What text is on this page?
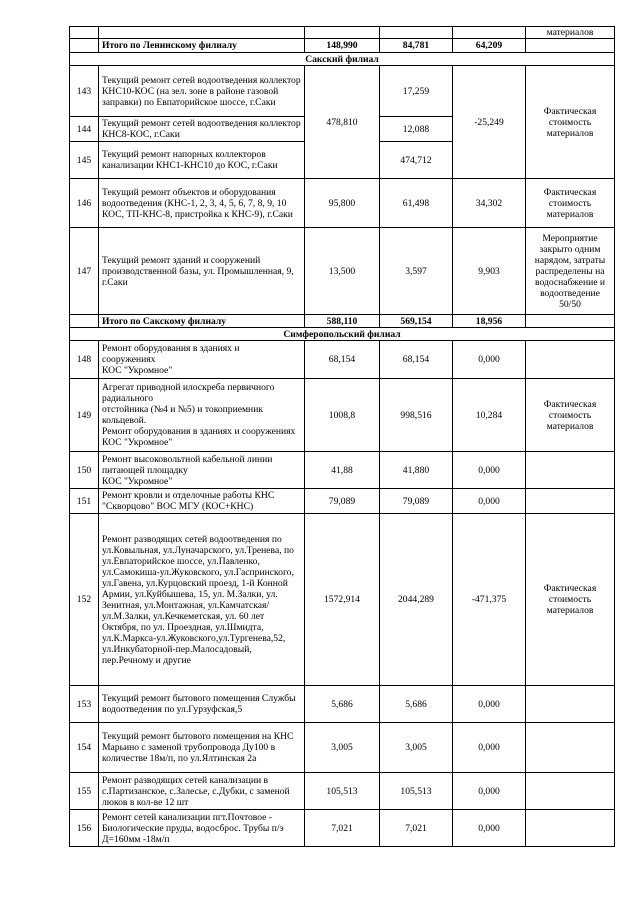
					материалов
	Итого по Ленинскому филиалу	148,990	84,781	64,209	
Сакский филиал					
143	Текущий ремонт сетей водоотведения коллектор КНС10-КОС (на зел. зоне в районе газовой заправки) по Евпаторийское шоссе, г.Саки	478,810	17,259	-25,249	Фактическая стоимость материалов
144	Текущий ремонт сетей водоотведения коллектор КНС8-КОС, г.Саки		12,088		
145	Текущий ремонт напорных коллекторов канализации КНС1-КНС10 до КОС, г.Саки		474,712		
146	Текущий ремонт объектов и оборудования водоотведения (КНС-1, 2, 3, 4, 5, 6, 7, 8, 9, 10 КОС, ТП-КНС-8, пристройка к КНС-9), г.Саки	95,800	61,498	34,302	Фактическая стоимость материалов
147	Текущий ремонт зданий и сооружений производственной базы, ул. Промышленная, 9, г.Саки	13,500	3,597	9,903	Мероприятие закрыто одним нарядом, затраты распределены на водоснабжение и водоотведение 50/50
	Итого по Сакскому филиалу	588,110	569,154	18,956	
Симферопольский филиал					
148	Ремонт оборудования в зданиях и
сооружениях
КОС "Укромное"	68,154	68,154	0,000	
149	Агрегат приводной илоскреба первичного радиального
отстойника (№4 и №5) и токоприемник кольцевой.
Ремонт оборудования в зданиях и сооружениях КОС "Укромное"	1008,8	998,516	10,284	Фактическая стоимость материалов
150	Ремонт высоковольтной кабельной линии питающей площадку
КОС "Укромное"	41,88	41,880	0,000	
151	Ремонт кровли и отделочные работы КНС "Скворцово" ВОС МГУ (КОС+КНС)	79,089	79,089	0,000	
152	Ремонт разводящих сетей водоотведения по ул.Ковыльная, ул.Луначарского, ул.Тренева, по ул.Евпаторийское шоссе, ул.Павленко, ул.Самокиша-ул.Жуковского, ул.Гаспринского, ул.Гавена, ул.Курцовский проезд, 1-й Конной Армии, ул.Куйбышева, 15, ул. М.Залки, ул. Зенитная, ул.Монтажная, ул.Камчатская/ул.М.Залки, ул.Кечкеметская, ул. 60 лет Октября, по ул. Проездная, ул.Шмидта, ул.К.Маркса-ул.Жуковского,ул.Тургенева,52, ул.Инкубаторной-пер.Малосадовый, пер.Речному и другие	1572,914	2044,289	-471,375	Фактическая стоимость материалов
153	Текущий ремонт бытового помещения Службы водоотведения по ул.Гурзуфская,5	5,686	5,686	0,000	
154	Текущий ремонт бытового помещения на КНС Марьино с заменой трубопровода Ду100 в количестве 18м/п, по ул.Ялтинская 2а	3,005	3,005	0,000	
155	Ремонт разводящих сетей канализации в с.Партизанское, с.Залесье, с.Дубки, с заменой люков в кол-ве 12 шт	105,513	105,513	0,000	
156	Ремонт сетей канализации пгт.Почтовое - Биологические пруды, водосброс. Трубы п/э Д=160мм -18м/п	7,021	7,021	0,000	
